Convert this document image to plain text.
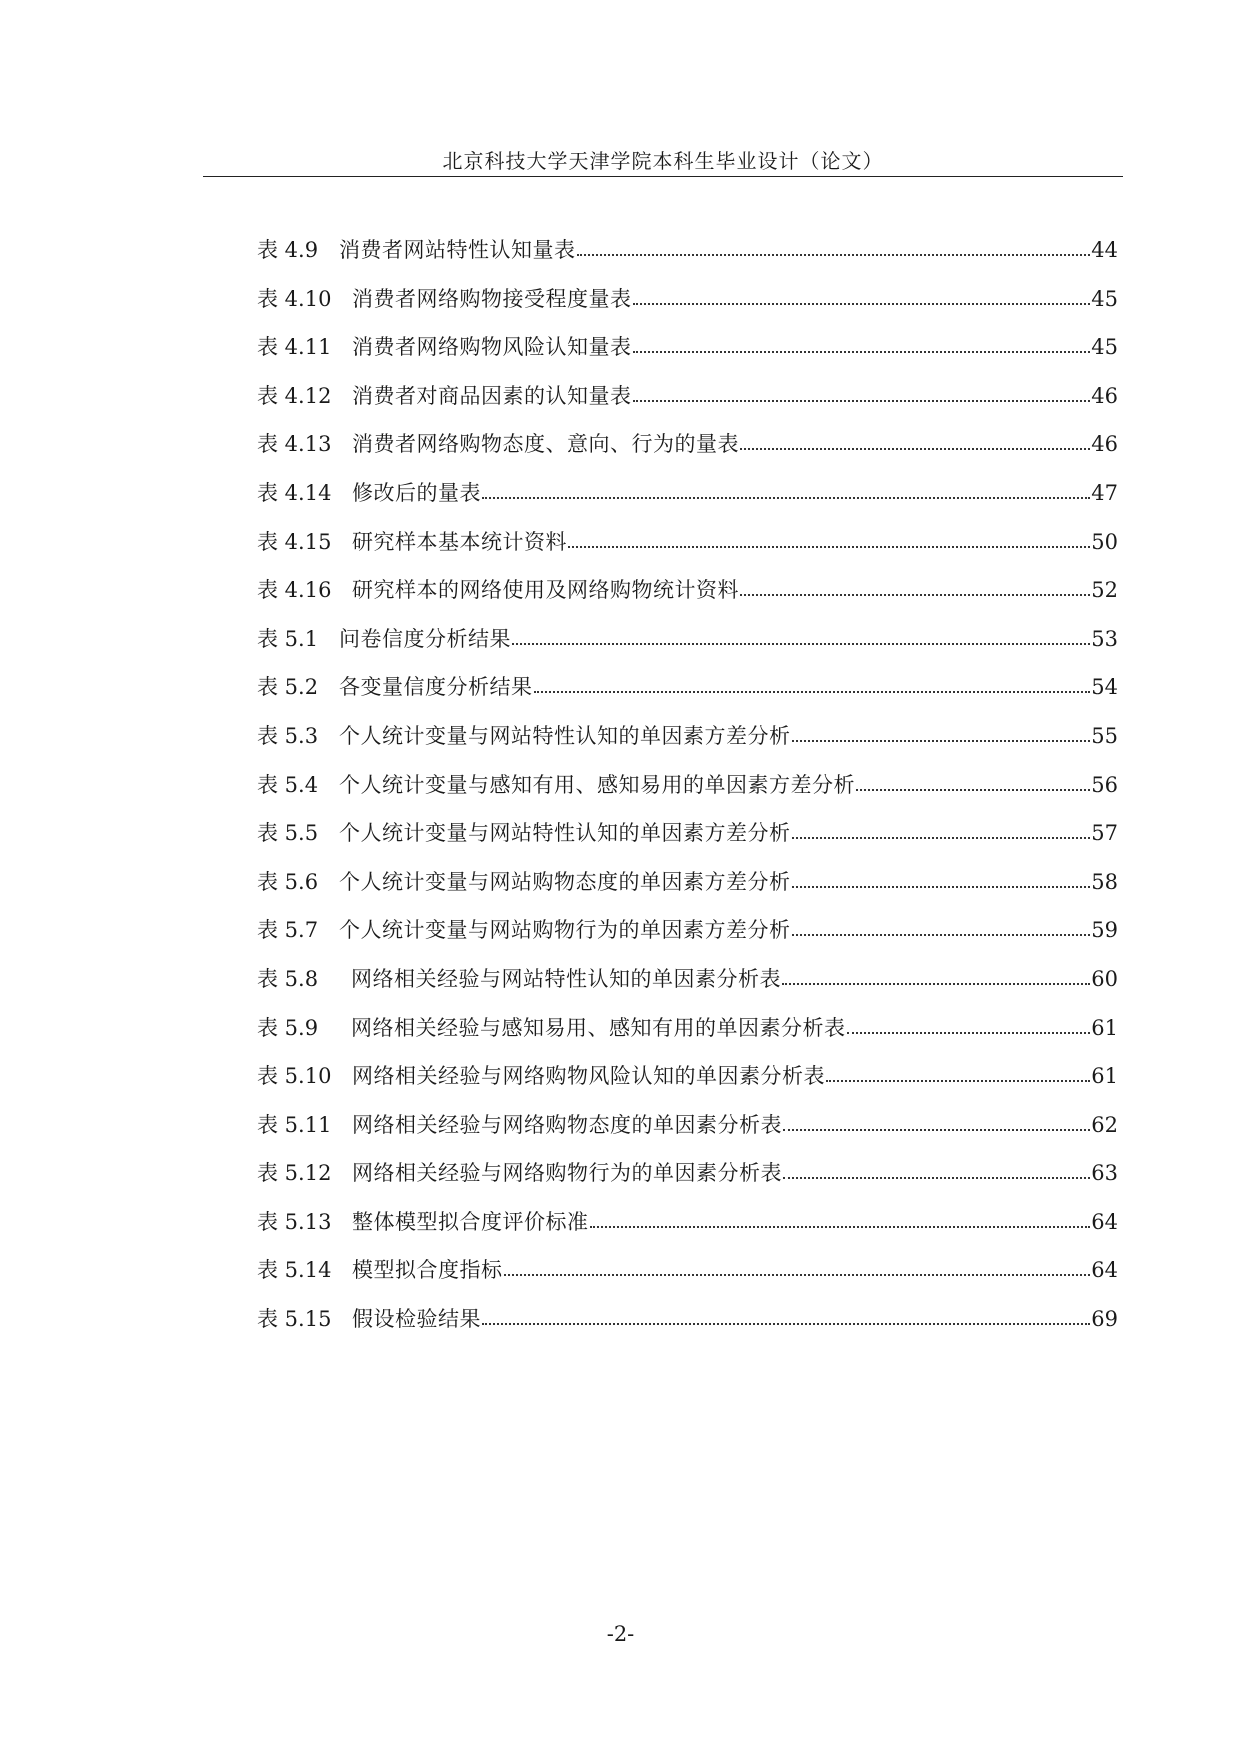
北京科技大学天津学院本科生毕业设计（论文）
表 4.9 消费者网站特性认知量表	44
表 4.10 消费者网络购物接受程度量表	45
表 4.11 消费者网络购物风险认知量表	45
表 4.12 消费者对商品因素的认知量表	46
表 4.13 消费者网络购物态度、意向、行为的量表	46
表 4.14 修改后的量表	47
表 4.15 研究样本基本统计资料	50
表 4.16 研究样本的网络使用及网络购物统计资料	52
表 5.1 问卷信度分析结果	53
表 5.2 各变量信度分析结果	54
表 5.3 个人统计变量与网站特性认知的单因素方差分析	55
表 5.4 个人统计变量与感知有用、感知易用的单因素方差分析	56
表 5.5 个人统计变量与网站特性认知的单因素方差分析	57
表 5.6 个人统计变量与网站购物态度的单因素方差分析	58
表 5.7 个人统计变量与网站购物行为的单因素方差分析	59
表 5.8	网络相关经验与网站特性认知的单因素分析表	60
表 5.9	网络相关经验与感知易用、感知有用的单因素分析表	61
表 5.10 网络相关经验与网络购物风险认知的单因素分析表	61
表 5.11 网络相关经验与网络购物态度的单因素分析表	62
表 5.12 网络相关经验与网络购物行为的单因素分析表	63
表 5.13 整体模型拟合度评价标准	64
表 5.14 模型拟合度指标	64
表 5.15 假设检验结果	69
-2-
